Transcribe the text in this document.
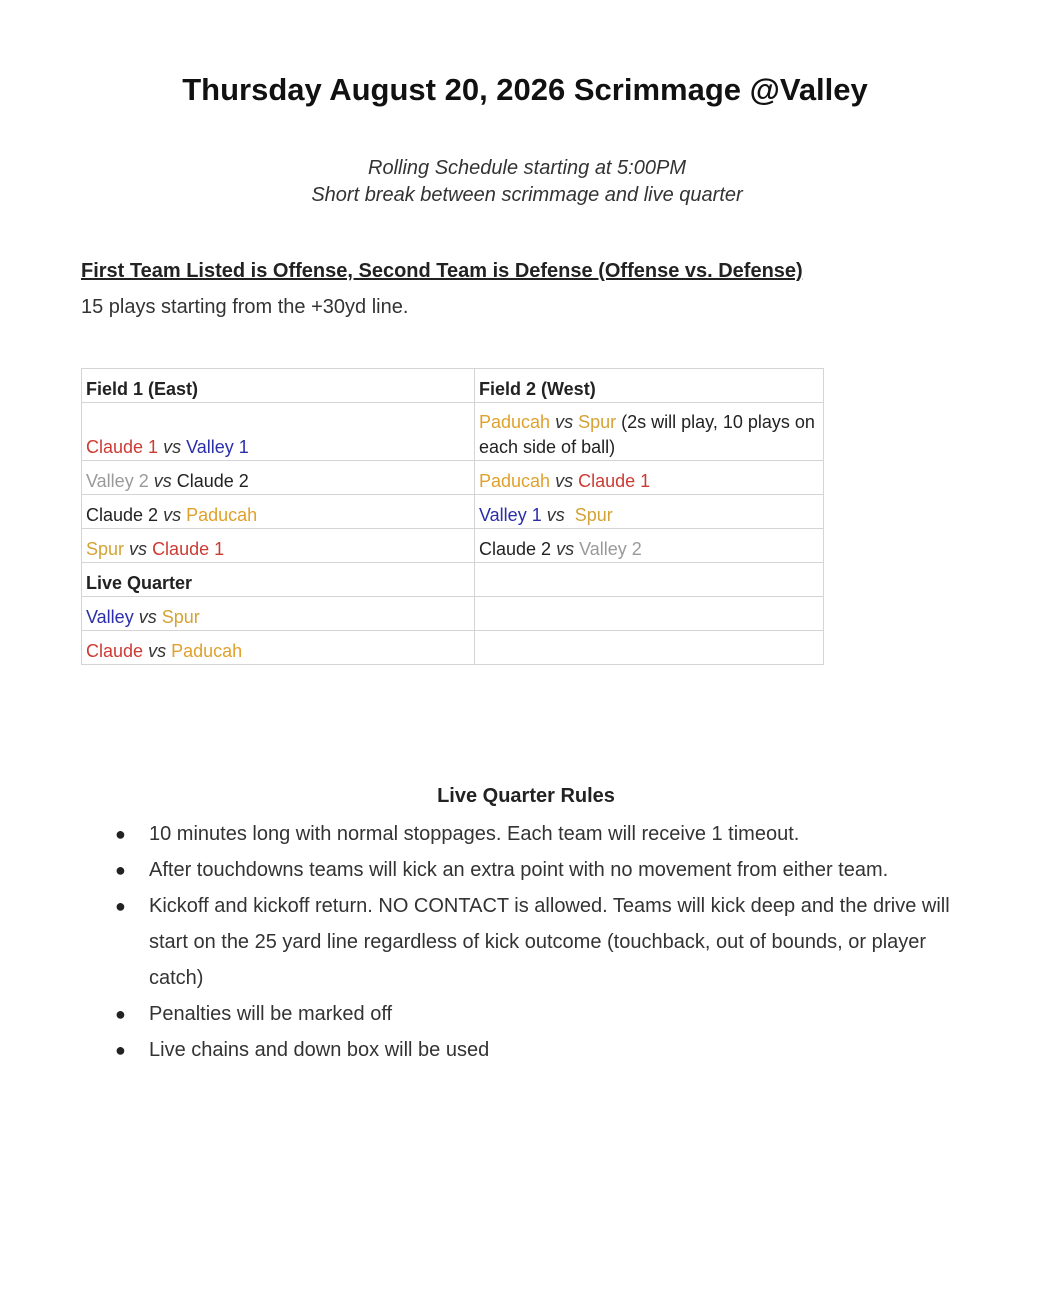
Thursday August 20, 2026 Scrimmage @Valley
Rolling Schedule starting at 5:00PM
Short break between scrimmage and live quarter
First Team Listed is Offense, Second Team is Defense (Offense vs. Defense)
15 plays starting from the +30yd line.
Field 1 (East)	Field 2 (West)
Claude 1 vs Valley 1	Paducah vs Spur (2s will play, 10 plays on each side of ball)
Valley 2 vs Claude 2	Paducah vs Claude 1
Claude 2 vs Paducah	Valley 1 vs Spur
Spur vs Claude 1	Claude 2 vs Valley 2
Live Quarter	
Valley vs Spur	
Claude vs Paducah	
Live Quarter Rules
● 10 minutes long with normal stoppages. Each team will receive 1 timeout.
● After touchdowns teams will kick an extra point with no movement from either team.
● Kickoff and kickoff return. NO CONTACT is allowed. Teams will kick deep and the drive will start on the 25 yard line regardless of kick outcome (touchback, out of bounds, or player catch)
● Penalties will be marked off
● Live chains and down box will be used
